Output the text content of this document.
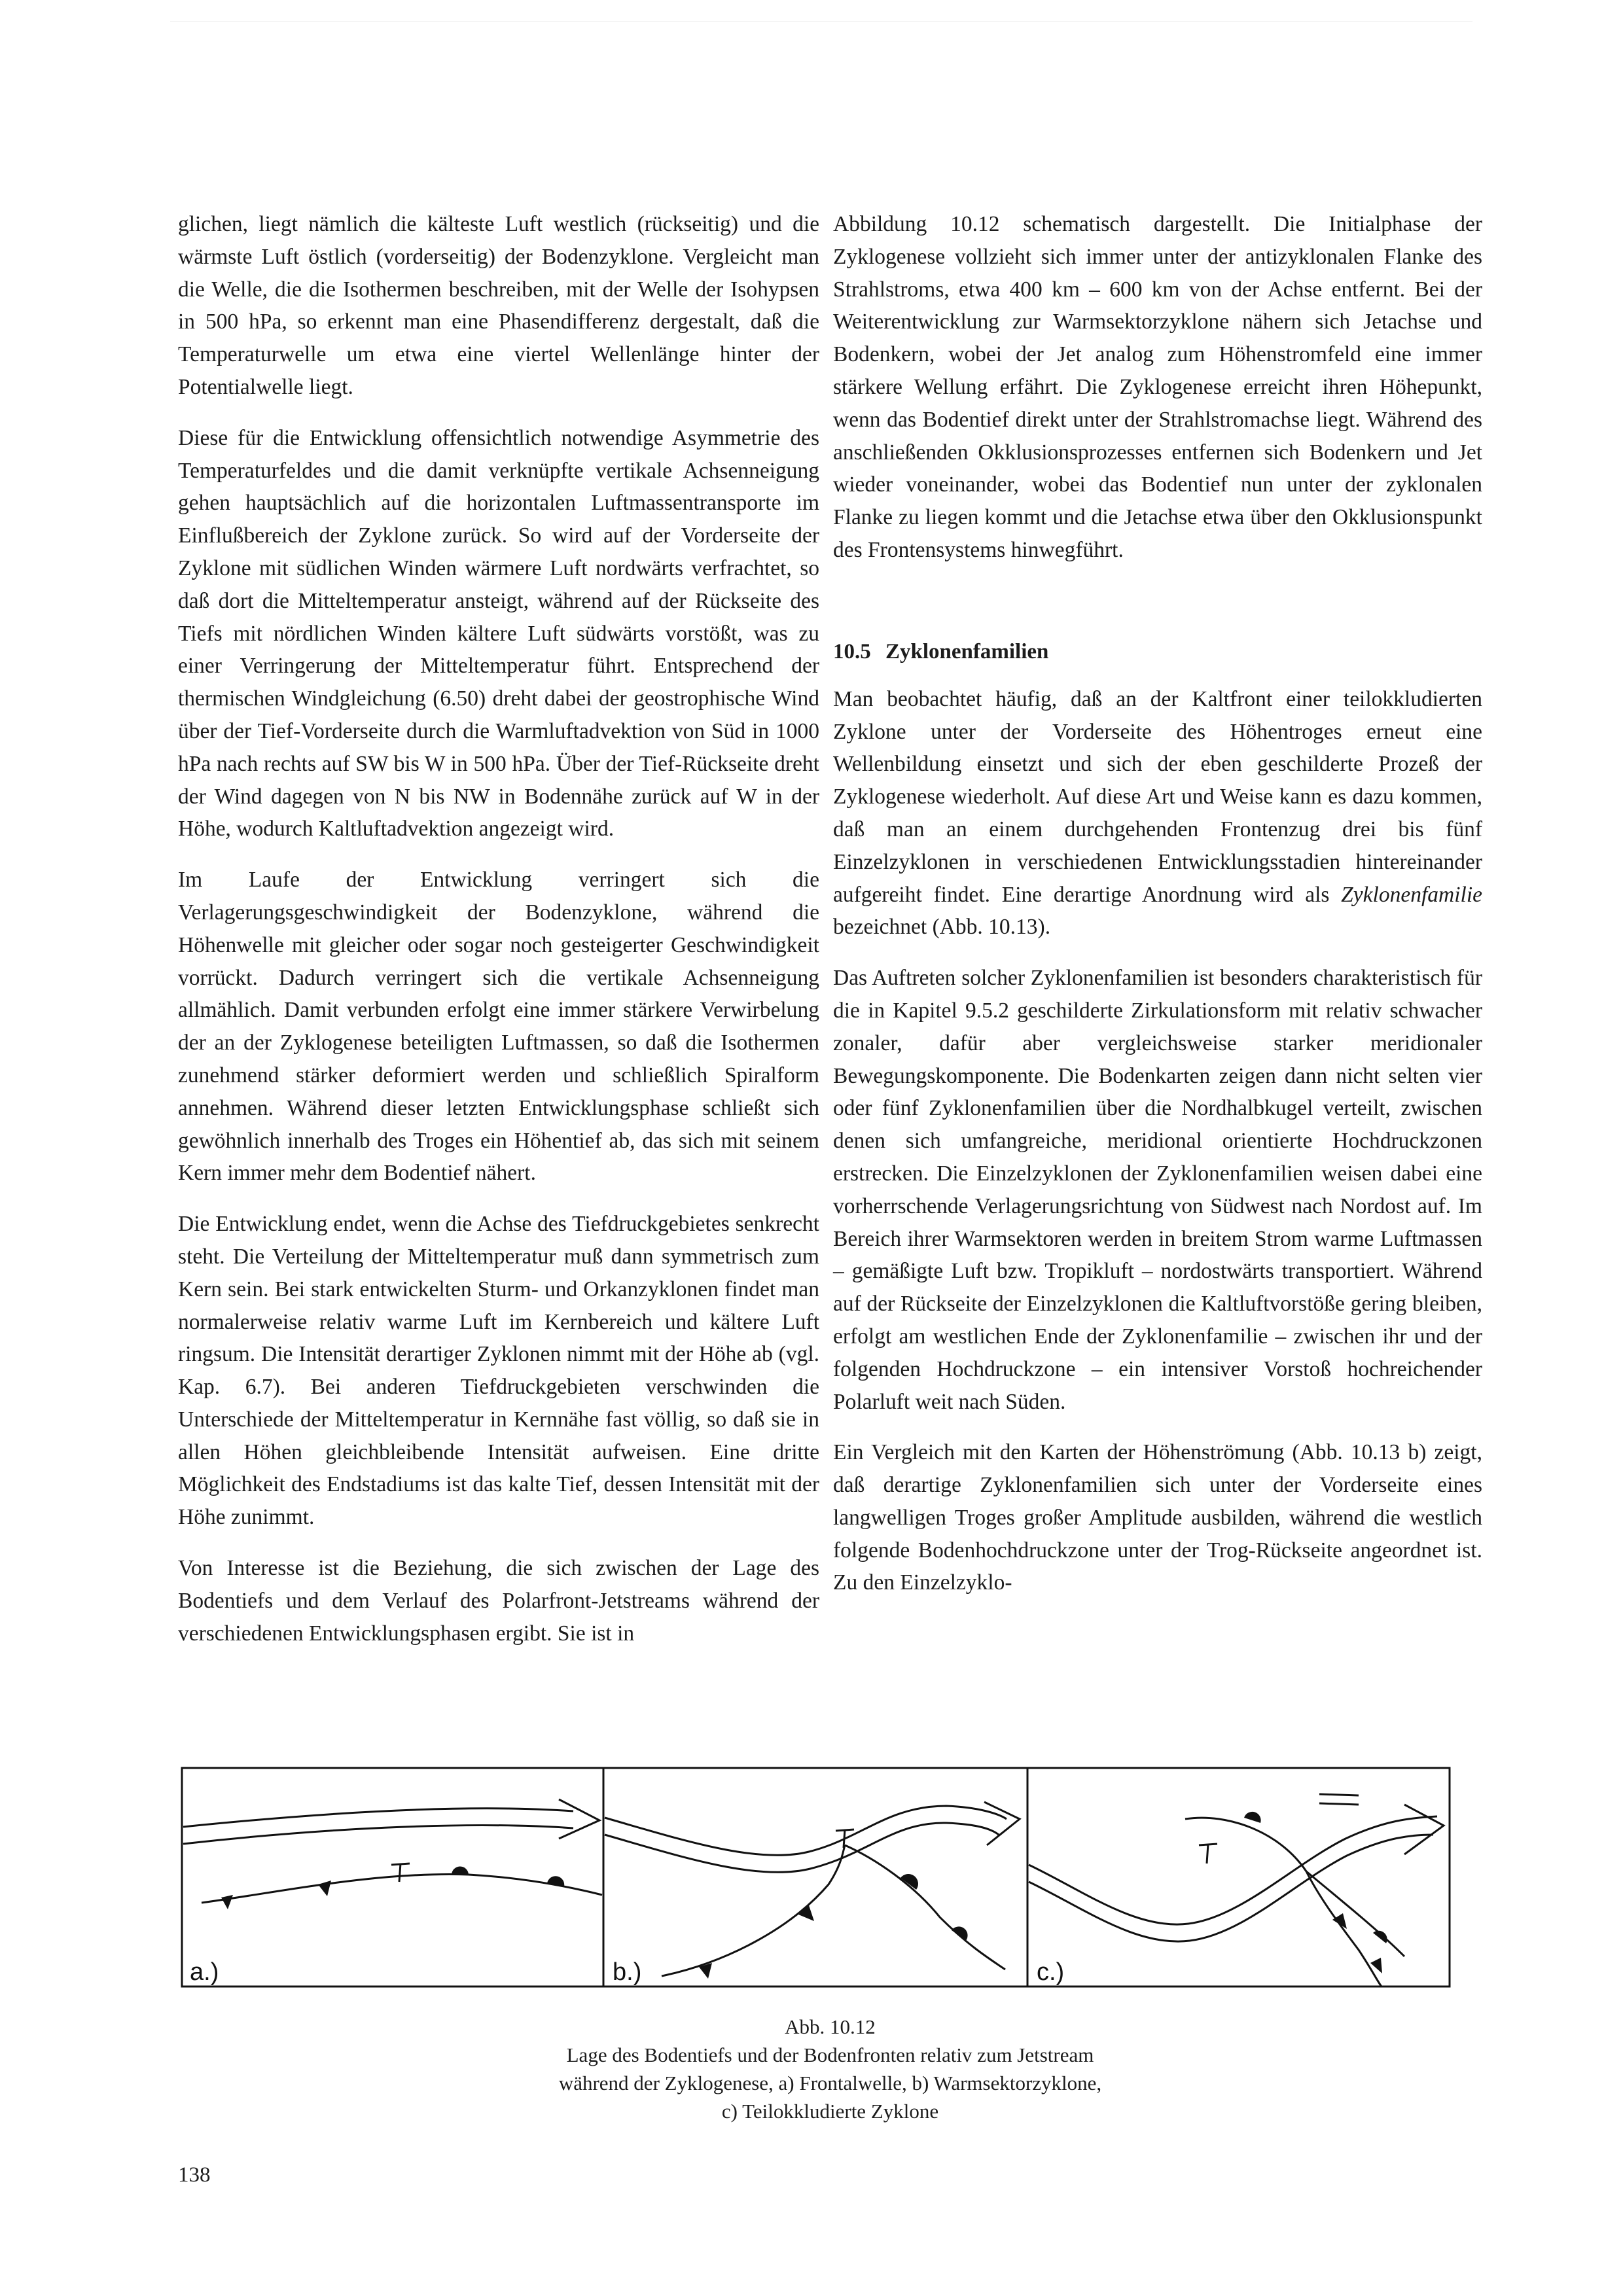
glichen, liegt nämlich die kälteste Luft westlich (rückseitig) und die wärmste Luft östlich (vorderseitig) der Bodenzyklone. Vergleicht man die Welle, die die Isothermen beschreiben, mit der Welle der Isohypsen in 500 hPa, so erkennt man eine Phasendifferenz dergestalt, daß die Temperaturwelle um etwa eine viertel Wellenlänge hinter der Potentialwelle liegt.

Diese für die Entwicklung offensichtlich notwendige Asymmetrie des Temperaturfeldes und die damit verknüpfte vertikale Achsenneigung gehen hauptsächlich auf die horizontalen Luftmassentransporte im Einflußbereich der Zyklone zurück. So wird auf der Vorderseite der Zyklone mit südlichen Winden wärmere Luft nordwärts verfrachtet, so daß dort die Mitteltemperatur ansteigt, während auf der Rückseite des Tiefs mit nördlichen Winden kältere Luft südwärts vorstößt, was zu einer Verringerung der Mitteltemperatur führt. Entsprechend der thermischen Windgleichung (6.50) dreht dabei der geostrophische Wind über der Tief-Vorderseite durch die Warmluftadvektion von Süd in 1000 hPa nach rechts auf SW bis W in 500 hPa. Über der Tief-Rückseite dreht der Wind dagegen von N bis NW in Bodennähe zurück auf W in der Höhe, wodurch Kaltluftadvektion angezeigt wird.

Im Laufe der Entwicklung verringert sich die Verlagerungsgeschwindigkeit der Bodenzyklone, während die Höhenwelle mit gleicher oder sogar noch gesteigerter Geschwindigkeit vorrückt. Dadurch verringert sich die vertikale Achsenneigung allmählich. Damit verbunden erfolgt eine immer stärkere Verwirbelung der an der Zyklogenese beteiligten Luftmassen, so daß die Isothermen zunehmend stärker deformiert werden und schließlich Spiralform annehmen. Während dieser letzten Entwicklungsphase schließt sich gewöhnlich innerhalb des Troges ein Höhentief ab, das sich mit seinem Kern immer mehr dem Bodentief nähert.

Die Entwicklung endet, wenn die Achse des Tiefdruckgebietes senkrecht steht. Die Verteilung der Mitteltemperatur muß dann symmetrisch zum Kern sein. Bei stark entwickelten Sturm- und Orkanzyklonen findet man normalerweise relativ warme Luft im Kernbereich und kältere Luft ringsum. Die Intensität derartiger Zyklonen nimmt mit der Höhe ab (vgl. Kap. 6.7). Bei anderen Tiefdruckgebieten verschwinden die Unterschiede der Mitteltemperatur in Kernnähe fast völlig, so daß sie in allen Höhen gleichbleibende Intensität aufweisen. Eine dritte Möglichkeit des Endstadiums ist das kalte Tief, dessen Intensität mit der Höhe zunimmt.

Von Interesse ist die Beziehung, die sich zwischen der Lage des Bodentiefs und dem Verlauf des Polarfront-Jetstreams während der verschiedenen Entwicklungsphasen ergibt. Sie ist in

Abbildung 10.12 schematisch dargestellt. Die Initialphase der Zyklogenese vollzieht sich immer unter der antizyklonalen Flanke des Strahlstroms, etwa 400 km – 600 km von der Achse entfernt. Bei der Weiterentwicklung zur Warmsektorzyklone nähern sich Jetachse und Bodenkern, wobei der Jet analog zum Höhenstromfeld eine immer stärkere Wellung erfährt. Die Zyklogenese erreicht ihren Höhepunkt, wenn das Bodentief direkt unter der Strahlstromachse liegt. Während des anschließenden Okklusionsprozesses entfernen sich Bodenkern und Jet wieder voneinander, wobei das Bodentief nun unter der zyklonalen Flanke zu liegen kommt und die Jetachse etwa über den Okklusionspunkt des Frontensystems hinwegführt.

10.5 Zyklonenfamilien

Man beobachtet häufig, daß an der Kaltfront einer teilokkludierten Zyklone unter der Vorderseite des Höhentroges erneut eine Wellenbildung einsetzt und sich der eben geschilderte Prozeß der Zyklogenese wiederholt. Auf diese Art und Weise kann es dazu kommen, daß man an einem durchgehenden Frontenzug drei bis fünf Einzelzyklonen in verschiedenen Entwicklungsstadien hintereinander aufgereiht findet. Eine derartige Anordnung wird als Zyklonenfamilie bezeichnet (Abb. 10.13).

Das Auftreten solcher Zyklonenfamilien ist besonders charakteristisch für die in Kapitel 9.5.2 geschilderte Zirkulationsform mit relativ schwacher zonaler, dafür aber vergleichsweise starker meridionaler Bewegungskomponente. Die Bodenkarten zeigen dann nicht selten vier oder fünf Zyklonenfamilien über die Nordhalbkugel verteilt, zwischen denen sich umfangreiche, meridional orientierte Hochdruckzonen erstrecken. Die Einzelzyklonen der Zyklonenfamilien weisen dabei eine vorherrschende Verlagerungsrichtung von Südwest nach Nordost auf. Im Bereich ihrer Warmsektoren werden in breitem Strom warme Luftmassen – gemäßigte Luft bzw. Tropikluft – nordostwärts transportiert. Während auf der Rückseite der Einzelzyklonen die Kaltluftvorstöße gering bleiben, erfolgt am westlichen Ende der Zyklonenfamilie – zwischen ihr und der folgenden Hochdruckzone – ein intensiver Vorstoß hochreichender Polarluft weit nach Süden.

Ein Vergleich mit den Karten der Höhenströmung (Abb. 10.13 b) zeigt, daß derartige Zyklonenfamilien sich unter der Vorderseite eines langwelligen Troges großer Amplitude ausbilden, während die westlich folgende Bodenhochdruckzone unter der Trog-Rückseite angeordnet ist. Zu den Einzelzyklo-

a.)	b.)	c.)
Abb. 10.12
Lage des Bodentiefs und der Bodenfronten relativ zum Jetstream
während der Zyklogenese, a) Frontalwelle, b) Warmsektorzyklone,
c) Teilokkludierte Zyklone
138
